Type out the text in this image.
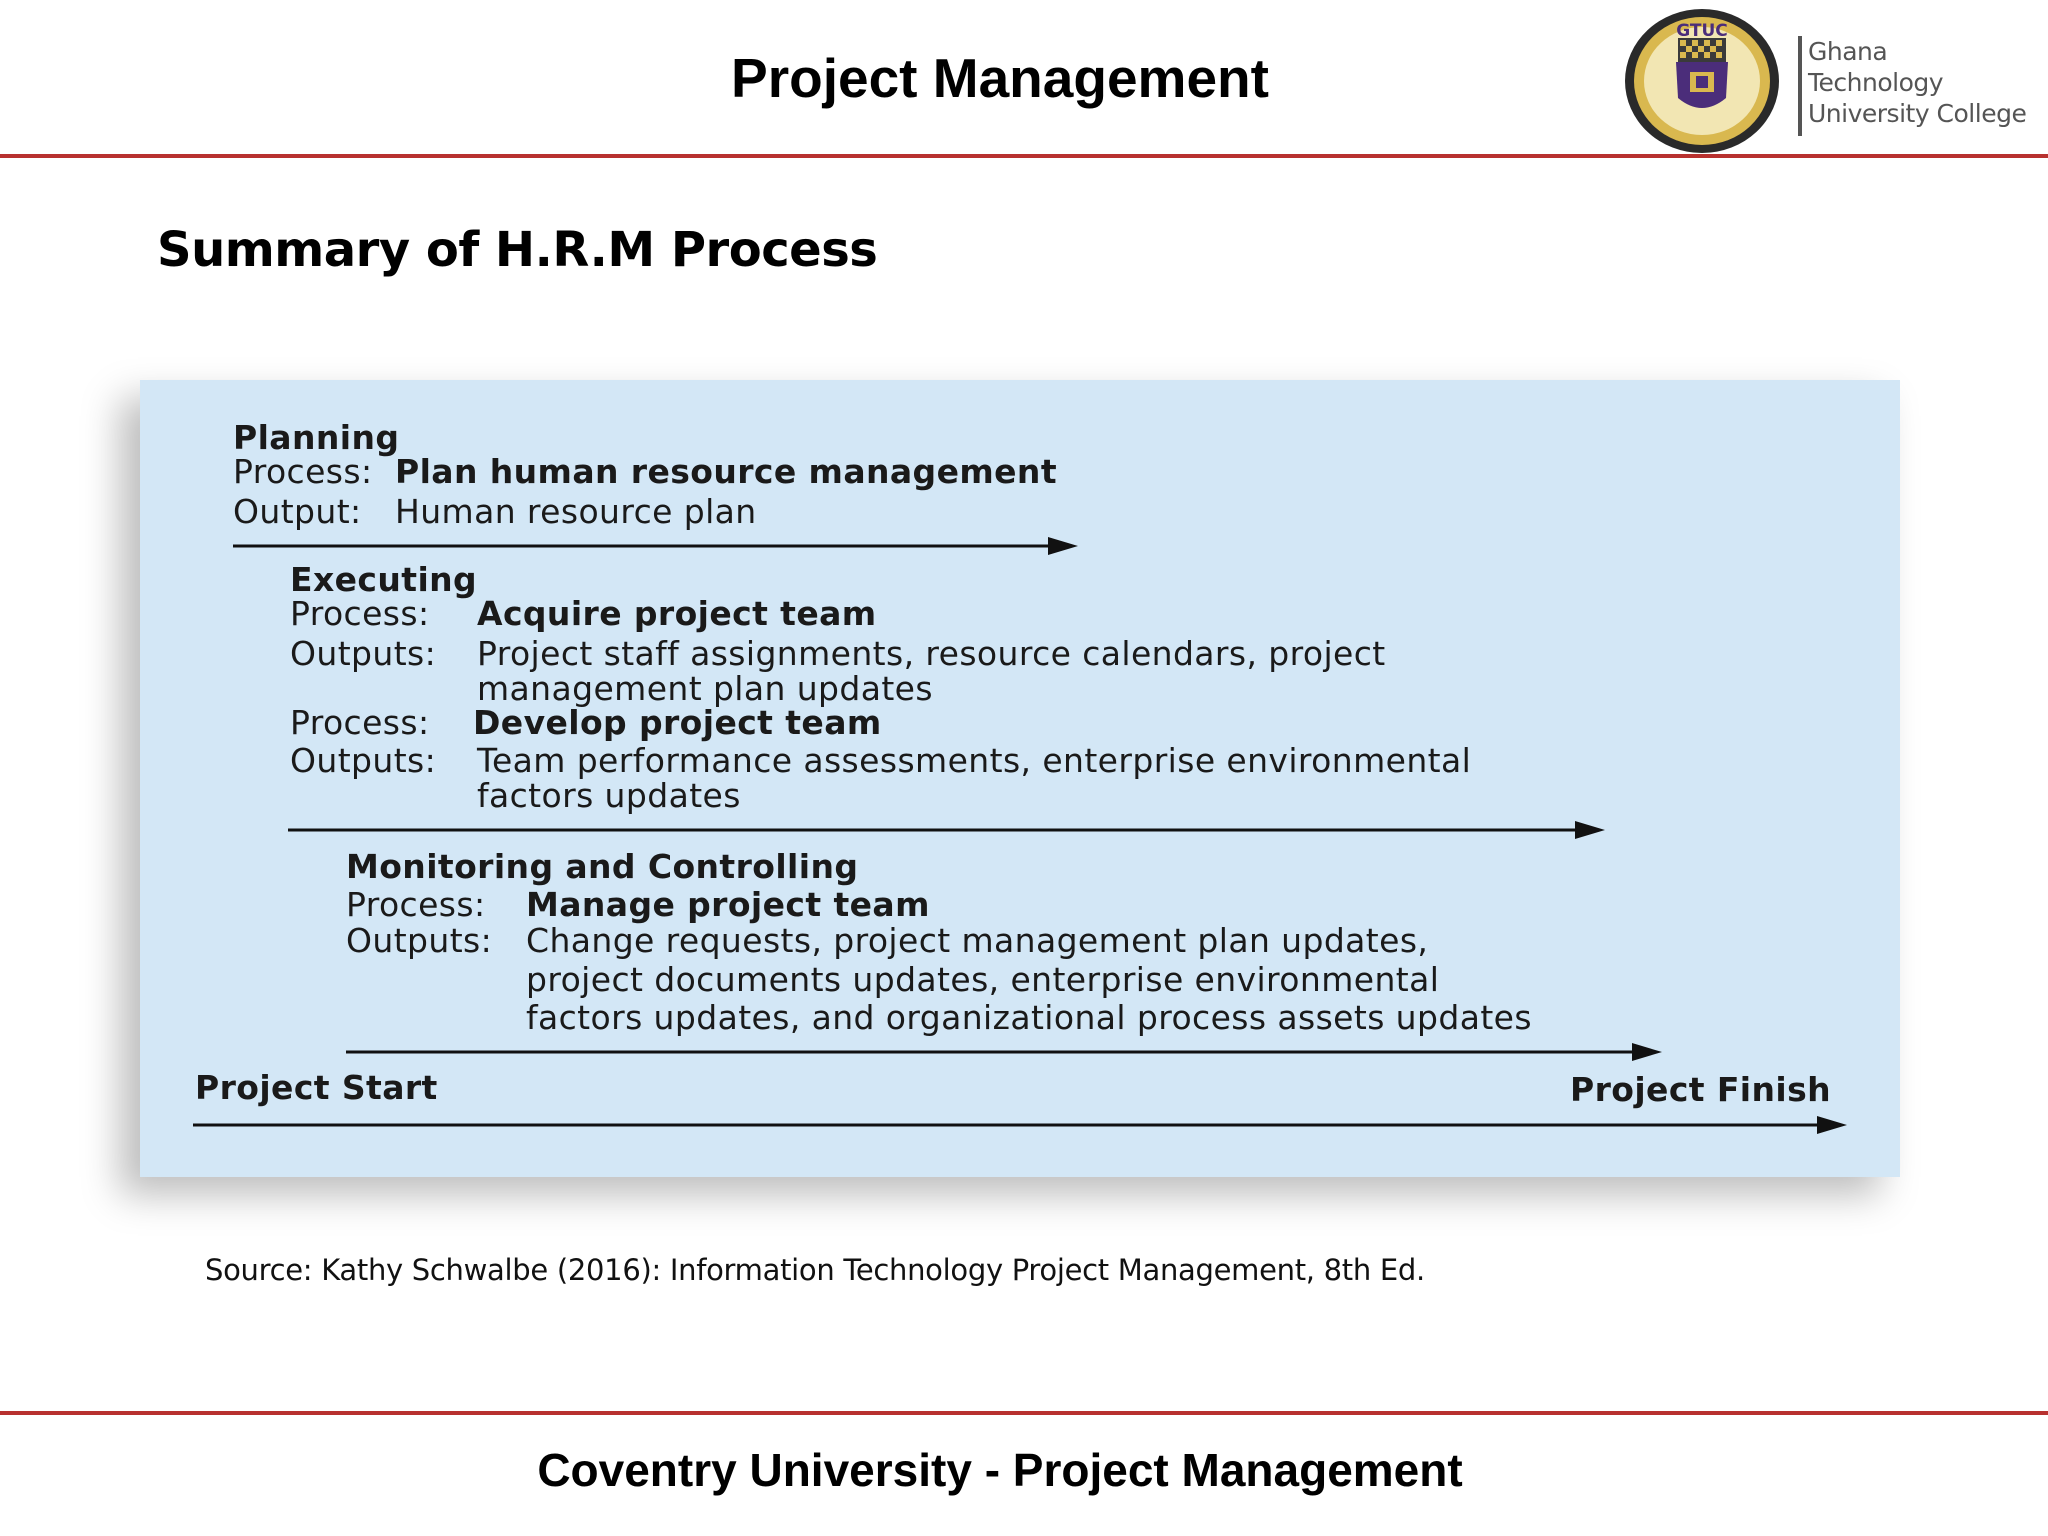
Project Management
GTUC
Ghana
Technology
University College
Summary of H.R.M Process
Planning
Process: Plan human resource management
Output: Human resource plan
Executing
Process: Acquire project team
Outputs: Project staff assignments, resource calendars, project
management plan updates
Process: Develop project team
Outputs: Team performance assessments, enterprise environmental
factors updates
Monitoring and Controlling
Process: Manage project team
Outputs: Change requests, project management plan updates,
project documents updates, enterprise environmental
factors updates, and organizational process assets updates
Project Start	Project Finish
Source: Kathy Schwalbe (2016): Information Technology Project Management, 8th Ed.
Coventry University - Project Management
